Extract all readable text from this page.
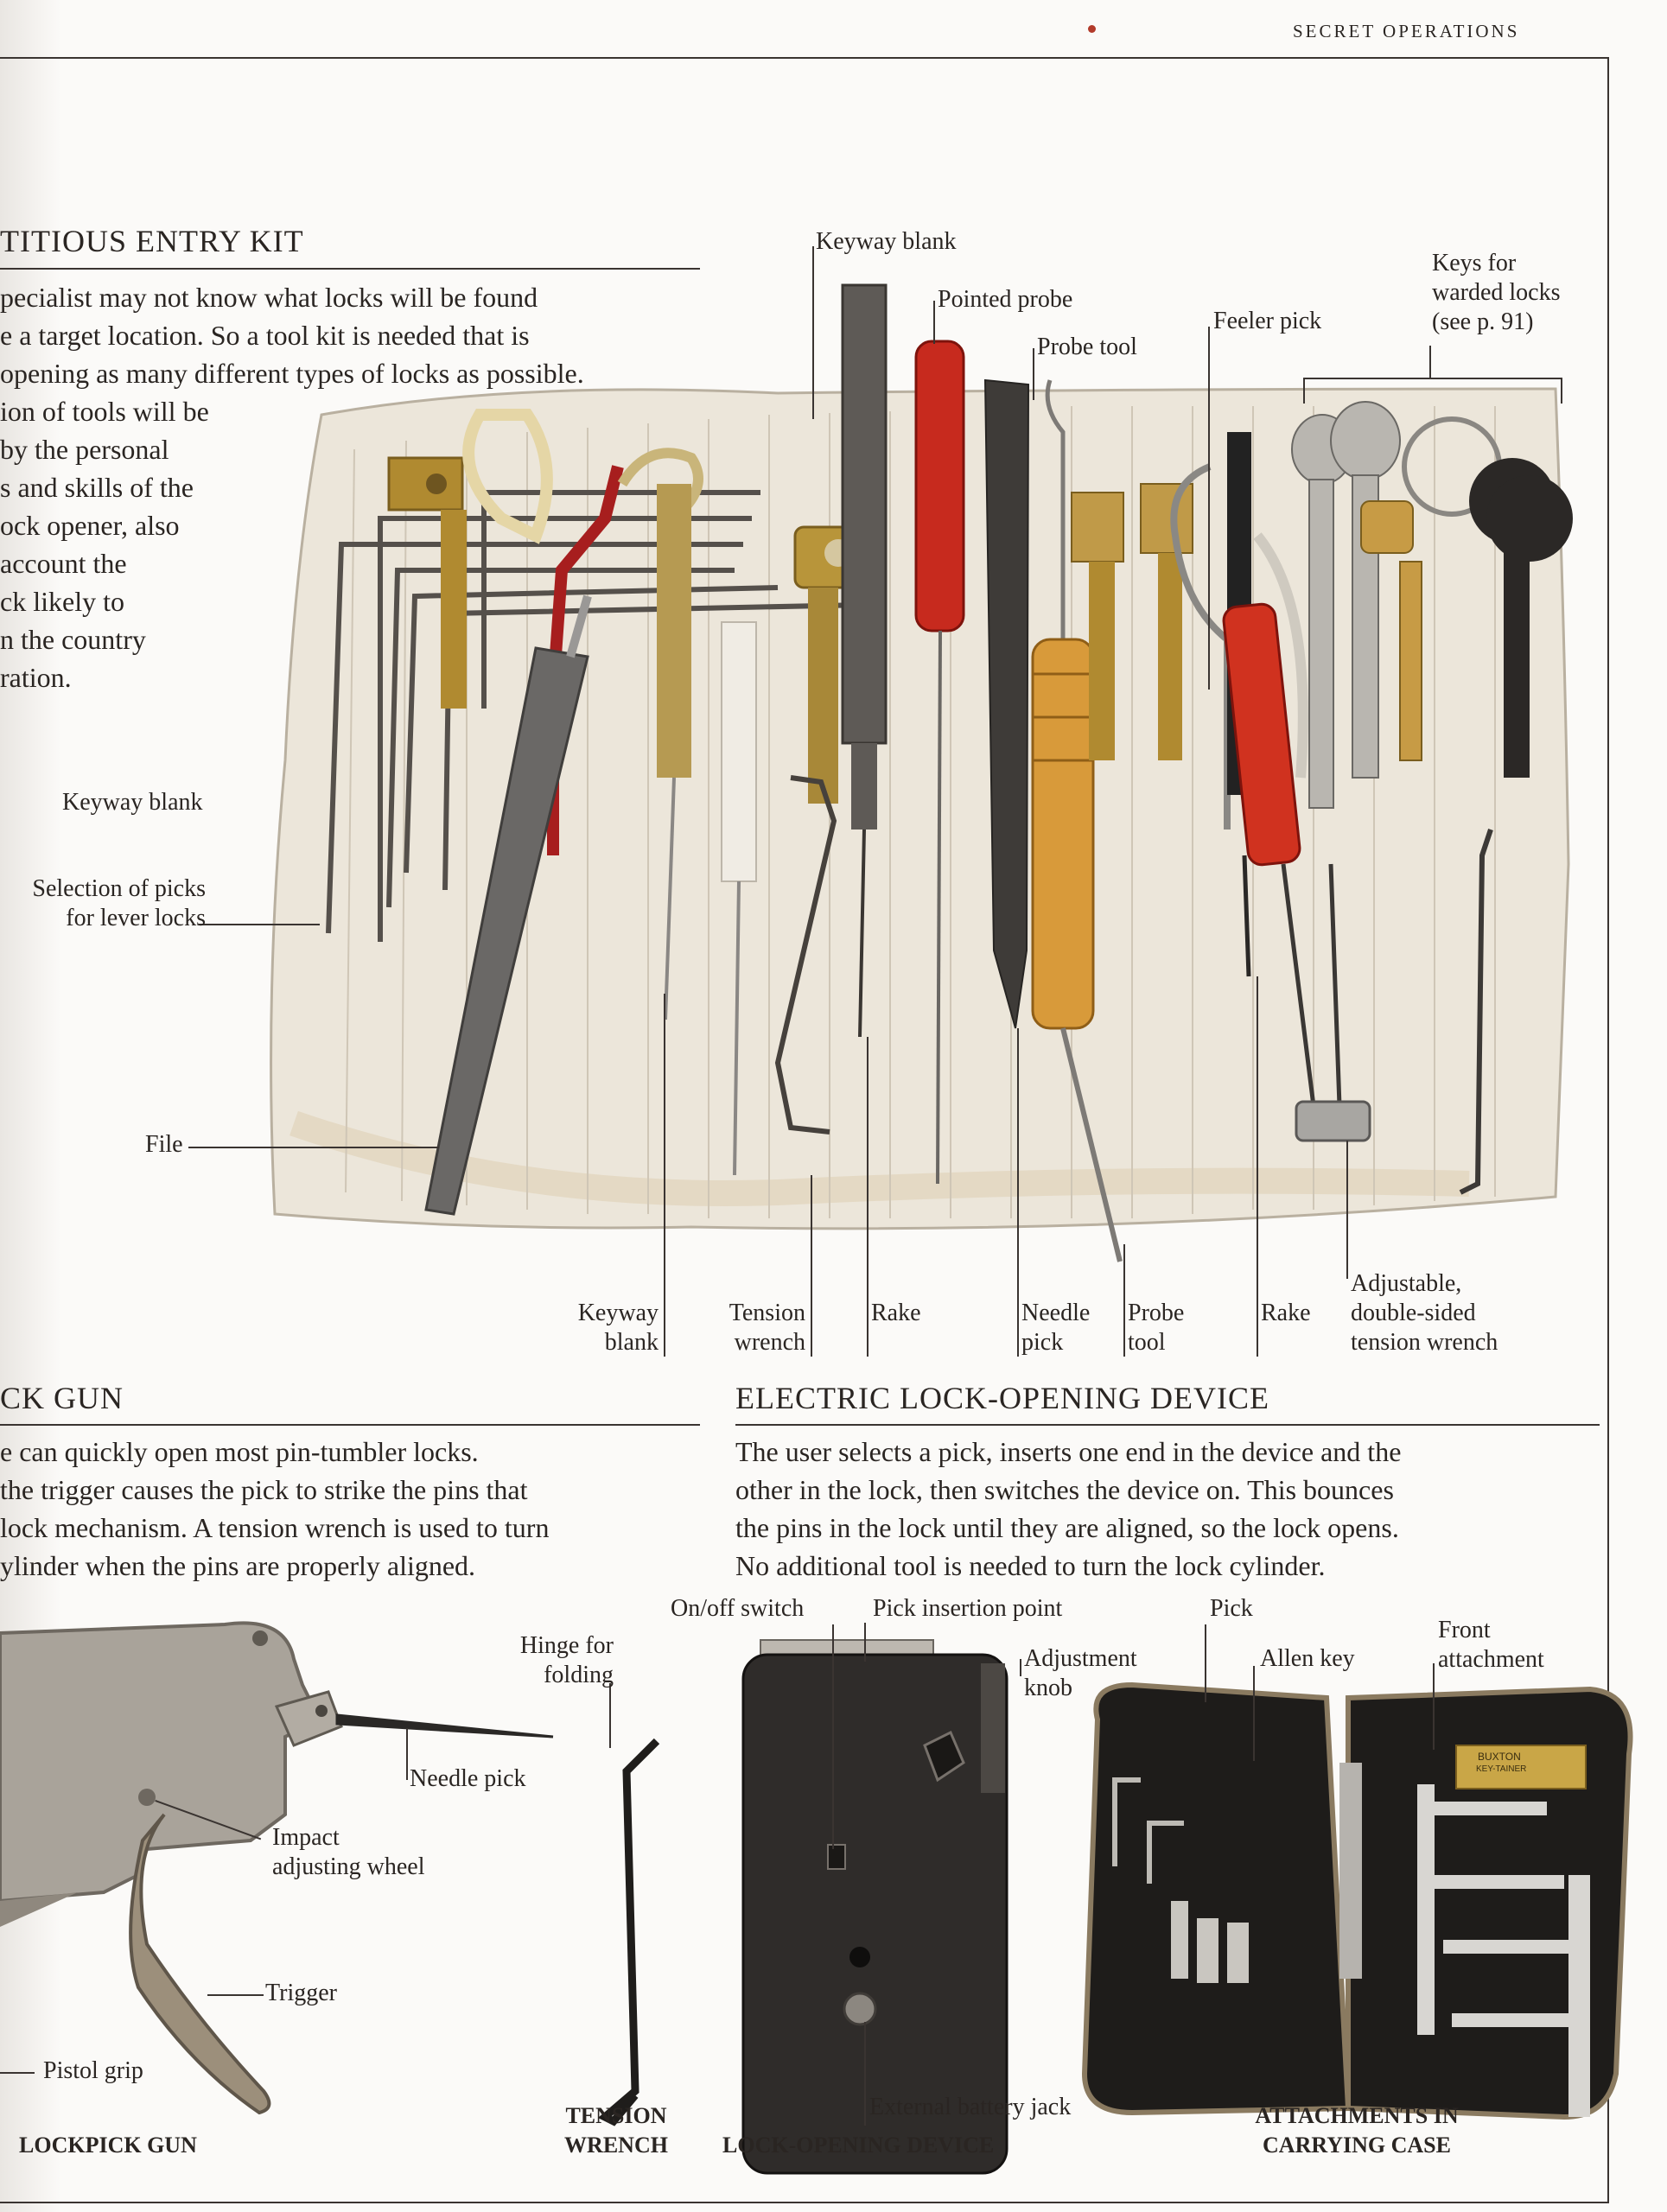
SECRET OPERATIONS
TITIOUS ENTRY KIT
pecialist may not know what locks will be found
e a target location. So a tool kit is needed that is
opening as many different types of locks as possible.
ion of tools will be
by the personal
s and skills of the
ock opener, also
account the
ck likely to
n the country
ration.
Keyway blank
Pointed probe
Probe tool
Feeler pick
Keys for
warded locks
(see p. 91)
Keyway blank
Selection of picks
for lever locks
File
Keyway
blank
Tension
wrench
Rake	Needle
pick
Probe
tool
Rake
Adjustable,
double-sided
tension wrench
CK GUN
e can quickly open most pin-tumbler locks.
the trigger causes the pick to strike the pins that
lock mechanism. A tension wrench is used to turn
ylinder when the pins are properly aligned.
Hinge for
folding
Needle pick
Impact
adjusting wheel
Trigger
Pistol grip
LOCKPICK GUN
TENSION
WRENCH
ELECTRIC LOCK-OPENING DEVICE
The user selects a pick, inserts one end in the device and the
other in the lock, then switches the device on. This bounces
the pins in the lock until they are aligned, so the lock opens.
No additional tool is needed to turn the lock cylinder.
BUXTON
KEY-TAINER
On/off switch	Pick insertion point
Adjustment
knob
Pick
Allen key
Front
attachment
External battery jack
LOCK-OPENING DEVICE
ATTACHMENTS IN
CARRYING CASE
